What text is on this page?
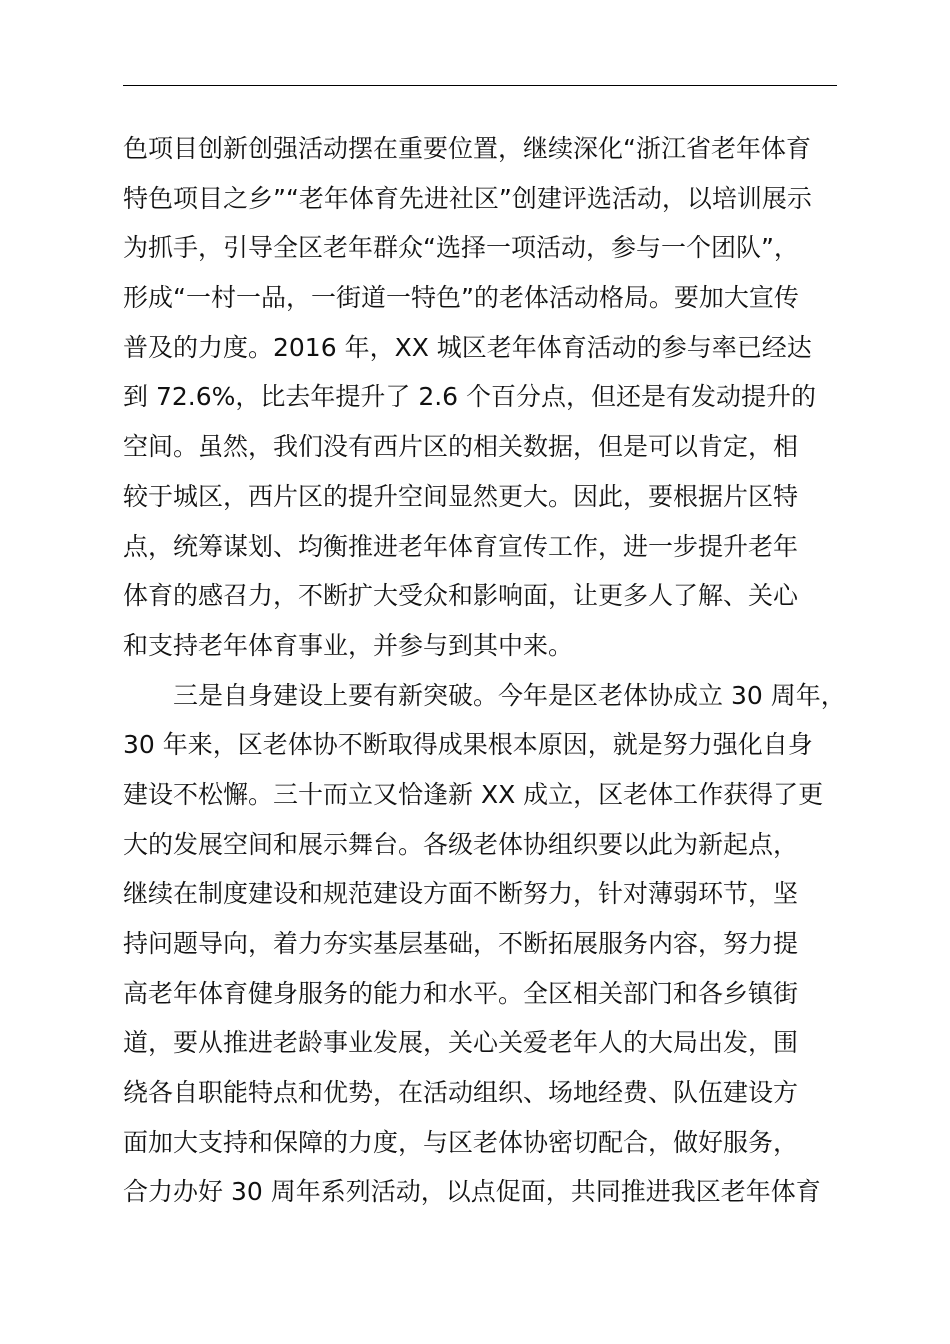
色项目创新创强活动摆在重要位置，继续深化“浙江省老年体育
特色项目之乡”“老年体育先进社区”创建评选活动，以培训展示
为抓手，引导全区老年群众“选择一项活动，参与一个团队”，
形成“一村一品，一街道一特色”的老体活动格局。要加大宣传
普及的力度。2016 年，XX 城区老年体育活动的参与率已经达
到 72.6%，比去年提升了 2.6 个百分点，但还是有发动提升的
空间。虽然，我们没有西片区的相关数据，但是可以肯定，相
较于城区，西片区的提升空间显然更大。因此，要根据片区特
点，统筹谋划、均衡推进老年体育宣传工作，进一步提升老年
体育的感召力，不断扩大受众和影响面，让更多人了解、关心
和支持老年体育事业，并参与到其中来。
三是自身建设上要有新突破。今年是区老体协成立 30 周年，
30 年来，区老体协不断取得成果根本原因，就是努力强化自身
建设不松懈。三十而立又恰逢新 XX 成立，区老体工作获得了更
大的发展空间和展示舞台。各级老体协组织要以此为新起点，
继续在制度建设和规范建设方面不断努力，针对薄弱环节，坚
持问题导向，着力夯实基层基础，不断拓展服务内容，努力提
高老年体育健身服务的能力和水平。全区相关部门和各乡镇街
道，要从推进老龄事业发展，关心关爱老年人的大局出发，围
绕各自职能特点和优势，在活动组织、场地经费、队伍建设方
面加大支持和保障的力度，与区老体协密切配合，做好服务，
合力办好 30 周年系列活动，以点促面，共同推进我区老年体育
